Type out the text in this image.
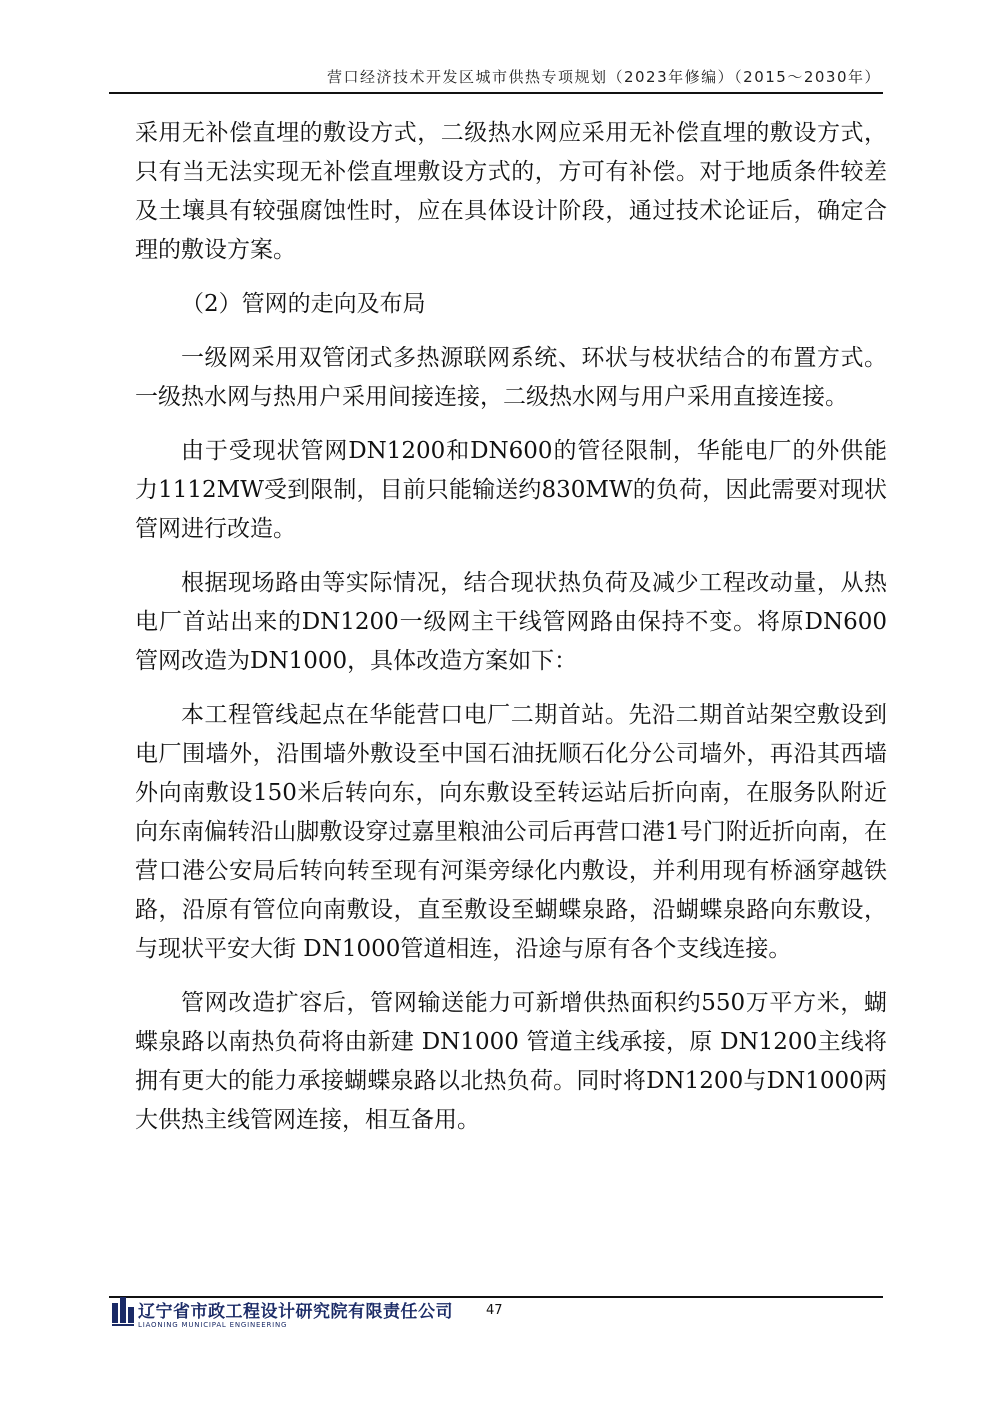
营口经济技术开发区城市供热专项规划（2023年修编）（2015～2030年）

采用无补偿直埋的敷设方式，二级热水网应采用无补偿直埋的敷设方式，只有当无法实现无补偿直埋敷设方式的，方可有补偿。对于地质条件较差及土壤具有较强腐蚀性时，应在具体设计阶段，通过技术论证后，确定合理的敷设方案。

（2）管网的走向及布局

一级网采用双管闭式多热源联网系统、环状与枝状结合的布置方式。一级热水网与热用户采用间接连接，二级热水网与用户采用直接连接。

由于受现状管网DN1200和DN600的管径限制，华能电厂的外供能力1112MW受到限制，目前只能输送约830MW的负荷，因此需要对现状管网进行改造。

根据现场路由等实际情况，结合现状热负荷及减少工程改动量，从热电厂首站出来的DN1200一级网主干线管网路由保持不变。将原DN600管网改造为DN1000，具体改造方案如下：

本工程管线起点在华能营口电厂二期首站。先沿二期首站架空敷设到电厂围墙外，沿围墙外敷设至中国石油抚顺石化分公司墙外，再沿其西墙外向南敷设150米后转向东，向东敷设至转运站后折向南，在服务队附近向东南偏转沿山脚敷设穿过嘉里粮油公司后再营口港1号门附近折向南，在营口港公安局后转向转至现有河渠旁绿化内敷设，并利用现有桥涵穿越铁路，沿原有管位向南敷设，直至敷设至蝴蝶泉路，沿蝴蝶泉路向东敷设，与现状平安大街 DN1000管道相连，沿途与原有各个支线连接。

管网改造扩容后，管网输送能力可新增供热面积约550万平方米，蝴蝶泉路以南热负荷将由新建 DN1000 管道主线承接，原 DN1200主线将拥有更大的能力承接蝴蝶泉路以北热负荷。同时将DN1200与DN1000两大供热主线管网连接，相互备用。

辽宁省市政工程设计研究院有限责任公司
LIAONING MUNICIPAL ENGINEERING
47
